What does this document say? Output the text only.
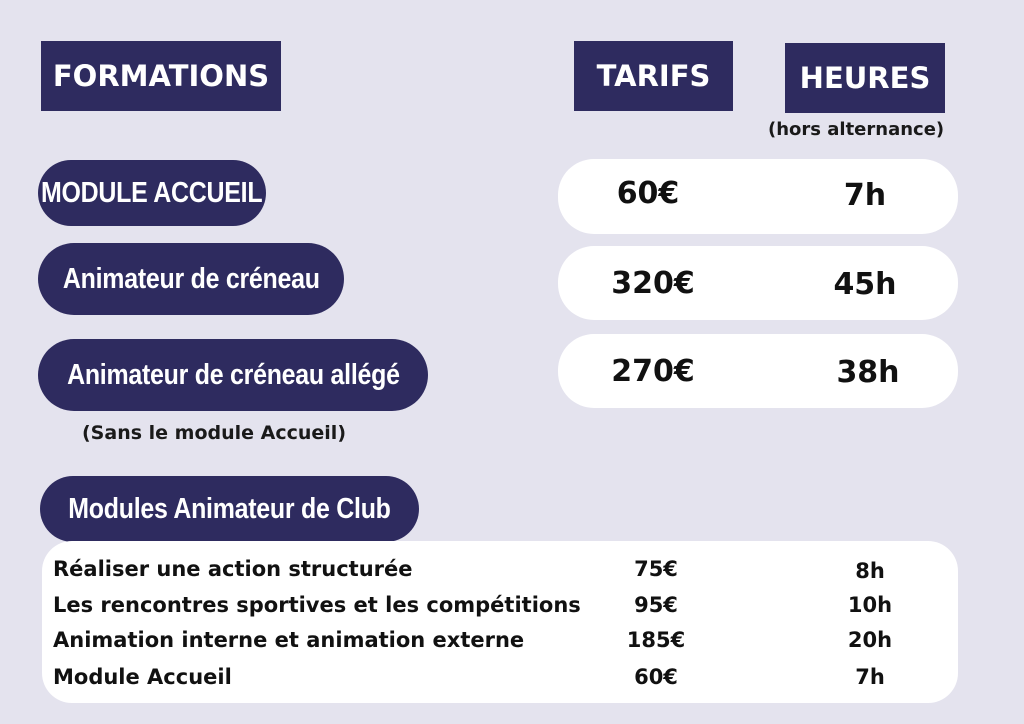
FORMATIONS	TARIFS	HEURES
(hors alternance)
MODULE ACCUEIL	60€	7h
Animateur de créneau	320€	45h
Animateur de créneau allégé	270€	38h
(Sans le module Accueil)
Modules Animateur de Club
Réaliser une action structurée	75€	8h
Les rencontres sportives et les compétitions	95€	10h
Animation interne et animation externe	185€	20h
Module Accueil	60€	7h
